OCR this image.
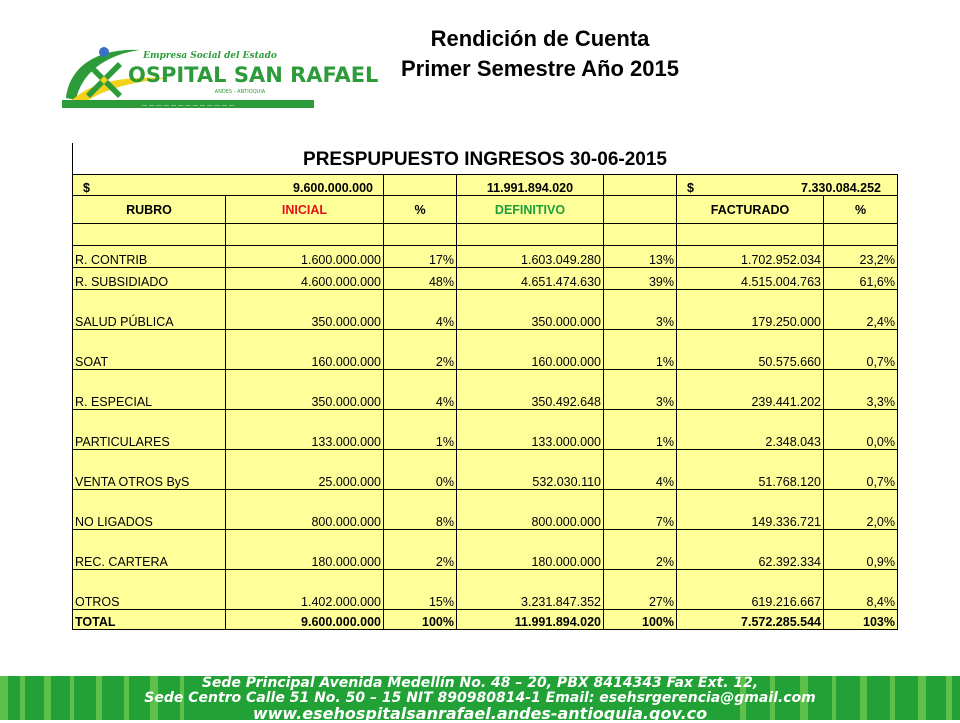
— — — — — — — — — — — — —
Empresa Social del Estado
OSPITAL SAN RAFAEL
ANDES - ANTIOQUIA
Rendición de Cuenta
Primer Semestre Año 2015
PRESPUPUESTO INGRESOS 30-06-2015
$ 9.600.000.000			11.991.894.020		$ 7.330.084.252	

RUBRO	INICIAL	%	DEFINITIVO		FACTURADO	%

R. CONTRIB	1.600.000.000	17%	1.603.049.280	13%	1.702.952.034	23,2%
R. SUBSIDIADO	4.600.000.000	48%	4.651.474.630	39%	4.515.004.763	61,6%
SALUD PÚBLICA	350.000.000	4%	350.000.000	3%	179.250.000	2,4%
SOAT	160.000.000	2%	160.000.000	1%	50.575.660	0,7%
R. ESPECIAL	350.000.000	4%	350.492.648	3%	239.441.202	3,3%
PARTICULARES	133.000.000	1%	133.000.000	1%	2.348.043	0,0%
VENTA OTROS ByS	25.000.000	0%	532.030.110	4%	51.768.120	0,7%
NO LIGADOS	800.000.000	8%	800.000.000	7%	149.336.721	2,0%
REC. CARTERA	180.000.000	2%	180.000.000	2%	62.392.334	0,9%
OTROS	1.402.000.000	15%	3.231.847.352	27%	619.216.667	8,4%
TOTAL	9.600.000.000	100%	11.991.894.020	100%	7.572.285.544	103%
Sede Principal Avenida Medellín No. 48 – 20, PBX 8414343 Fax Ext. 12,
Sede Centro Calle 51 No. 50 – 15 NIT 890980814-1 Email: esehsrgerencia@gmail.com
www.esehospitalsanrafael.andes-antioquia.gov.co
